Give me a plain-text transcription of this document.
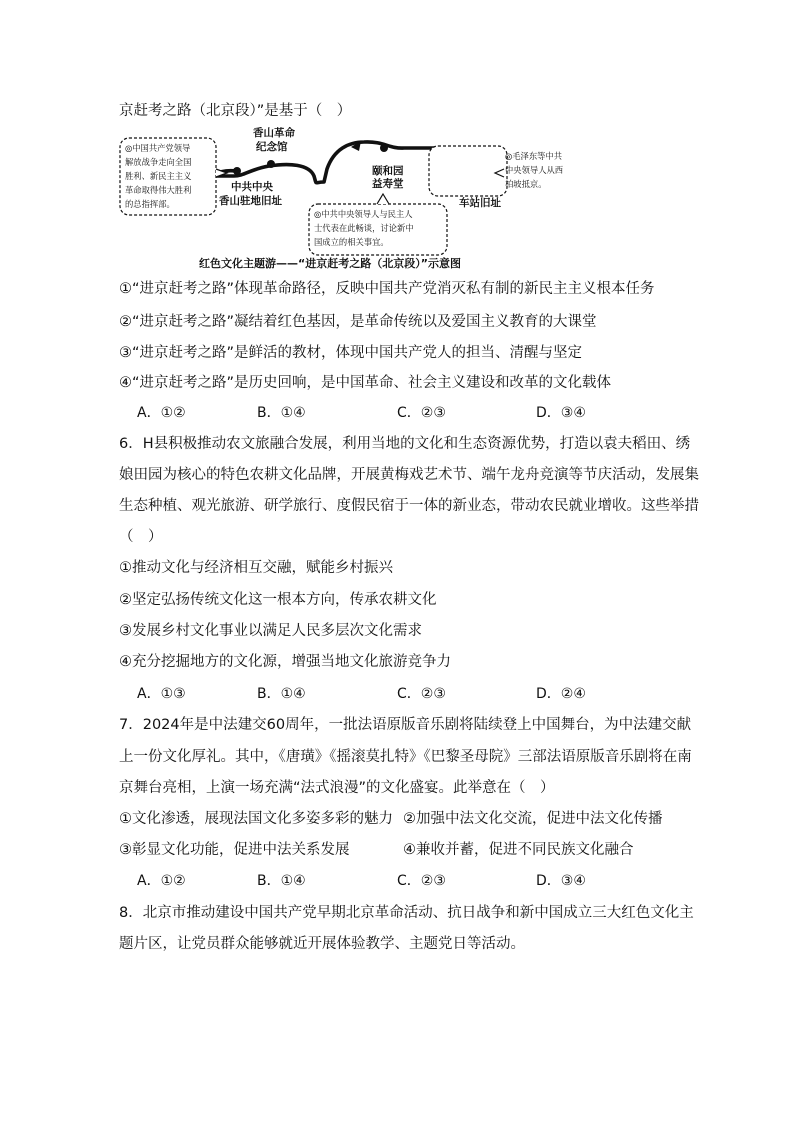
京赶考之路（北京段）”是基于（　）
香山革命
纪念馆
中共中央
香山驻地旧址
颐和园
益寿堂
车站旧址
◎中国共产党领导
解放战争走向全国
胜利、新民主主义
革命取得伟大胜利
的总指挥部。
◎中共中央领导人与民主人
士代表在此畅谈，讨论新中
国成立的相关事宜。
◎毛泽东等中共
中央领导人从西
柏坡抵京。
红色文化主题游——“进京赶考之路（北京段）”示意图
①“进京赶考之路”体现革命路径，反映中国共产党消灭私有制的新民主主义根本任务
②“进京赶考之路”凝结着红色基因，是革命传统以及爱国主义教育的大课堂
③“进京赶考之路”是鲜活的教材，体现中国共产党人的担当、清醒与坚定
④“进京赶考之路”是历史回响，是中国革命、社会主义建设和改革的文化载体
A．①②	B．①④	C．②③	D．③④
6．H县积极推动农文旅融合发展，利用当地的文化和生态资源优势，打造以袁夫稻田、绣
娘田园为核心的特色农耕文化品牌，开展黄梅戏艺术节、端午龙舟竞演等节庆活动，发展集
生态种植、观光旅游、研学旅行、度假民宿于一体的新业态，带动农民就业增收。这些举措
（　）
①推动文化与经济相互交融，赋能乡村振兴
②坚定弘扬传统文化这一根本方向，传承农耕文化
③发展乡村文化事业以满足人民多层次文化需求
④充分挖掘地方的文化源，增强当地文化旅游竞争力
A．①③	B．①④	C．②③	D．②④
7．2024年是中法建交60周年，一批法语原版音乐剧将陆续登上中国舞台，为中法建交献
上一份文化厚礼。其中，《唐璜》《摇滚莫扎特》《巴黎圣母院》三部法语原版音乐剧将在南
京舞台亮相，上演一场充满“法式浪漫”的文化盛宴。此举意在（　）
①文化渗透，展现法国文化多姿多彩的魅力 ②加强中法文化交流，促进中法文化传播
③彰显文化功能，促进中法关系发展	④兼收并蓄，促进不同民族文化融合
A．①②	B．①④	C．②③	D．③④
8．北京市推动建设中国共产党早期北京革命活动、抗日战争和新中国成立三大红色文化主
题片区，让党员群众能够就近开展体验教学、主题党日等活动。
